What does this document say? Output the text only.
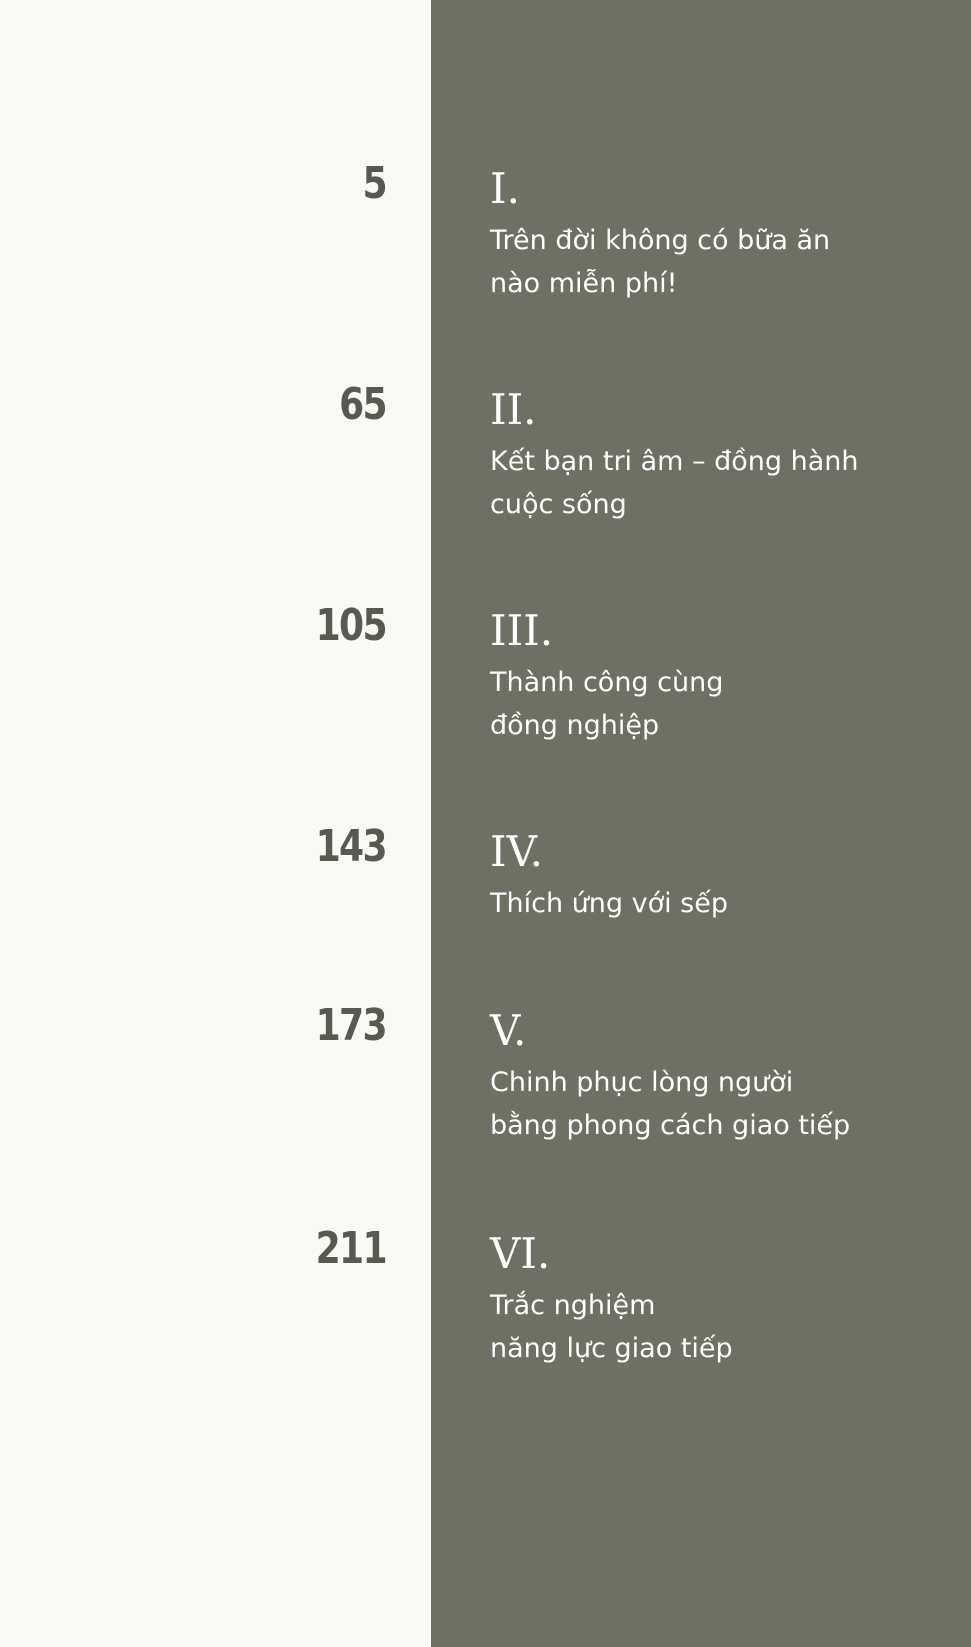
5 I.
Trên đời không có bữa ăn
nào miễn phí!
65 II.
Kết bạn tri âm – đồng hành
cuộc sống
105 III.
Thành công cùng
đồng nghiệp
143 IV.
Thích ứng với sếp
173 V.
Chinh phục lòng người
bằng phong cách giao tiếp
211 VI.
Trắc nghiệm
năng lực giao tiếp
